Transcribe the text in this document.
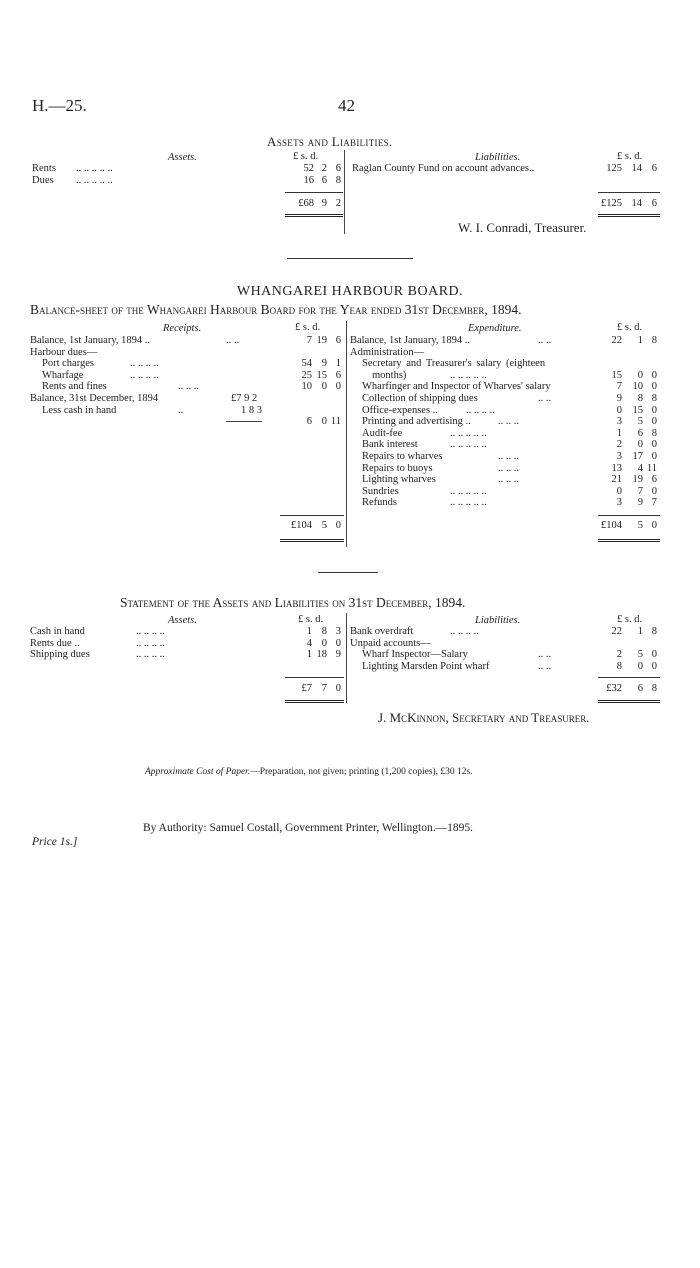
H.—25.	42
Assets and Liabilities.
Assets.	£ s. d.	Liabilities.	£ s. d.
Rents .. .. .. .. ..	52 2 6
Dues .. .. .. .. ..	16 6 8
Raglan County Fund on account advances..	125 14 6
£68 9 2	£125 14 6
W. I. Conradi, Treasurer.
WHANGAREI HARBOUR BOARD.
Balance-sheet of the Whangarei Harbour Board for the Year ended 31st December, 1894.
Receipts.	£ s. d.	Expenditure.	£ s. d.
Balance, 1st January, 1894 ..	.. ..	7 19 6
Harbour dues—
Port charges	.. .. .. ..	54 9 1
Wharfage	.. .. .. ..	25 15 6
Rents and fines	.. .. ..	10 0 0
Balance, 31st December, 1894	£7 9 2
Less cash in hand	..	1 8 3
6 0 11
Balance, 1st January, 1894 ..	.. ..	22 1 8
Administration—
Secretary and Treasurer's salary (eighteen
months)	.. .. .. .. ..	15 0 0
Wharfinger and Inspector of Wharves' salary	7 10 0
Collection of shipping dues	.. ..	9 8 8
Office-expenses ..	.. .. .. ..	0 15 0
Printing and advertising ..	.. .. ..	3 5 0
Audit-fee	.. .. .. .. ..	1 6 8
Bank interest	.. .. .. .. ..	2 0 0
Repairs to wharves	.. .. ..	3 17 0
Repairs to buoys	.. .. ..	13 4 11
Lighting wharves	.. .. ..	21 19 6
Sundries	.. .. .. .. ..	0 7 0
Refunds	.. .. .. .. ..	3 9 7
£104 5 0	£104 5 0
Statement of the Assets and Liabilities on 31st December, 1894.
Assets.	£ s. d.	Liabilities.	£ s. d.
Cash in hand	.. .. .. ..	1 8 3
Rents due ..	.. .. .. ..	4 0 0
Shipping dues	.. .. .. ..	1 18 9
Bank overdraft	.. .. .. ..	22 1 8
Unpaid accounts—
Wharf Inspector—Salary	.. ..	2 5 0
Lighting Marsden Point wharf	.. ..	8 0 0
£7 7 0	£32 6 8
J. McKinnon, Secretary and Treasurer.
Approximate Cost of Paper.—Preparation, not given; printing (1,200 copies), £30 12s.
By Authority: Samuel Costall, Government Printer, Wellington.—1895.
Price 1s.]
